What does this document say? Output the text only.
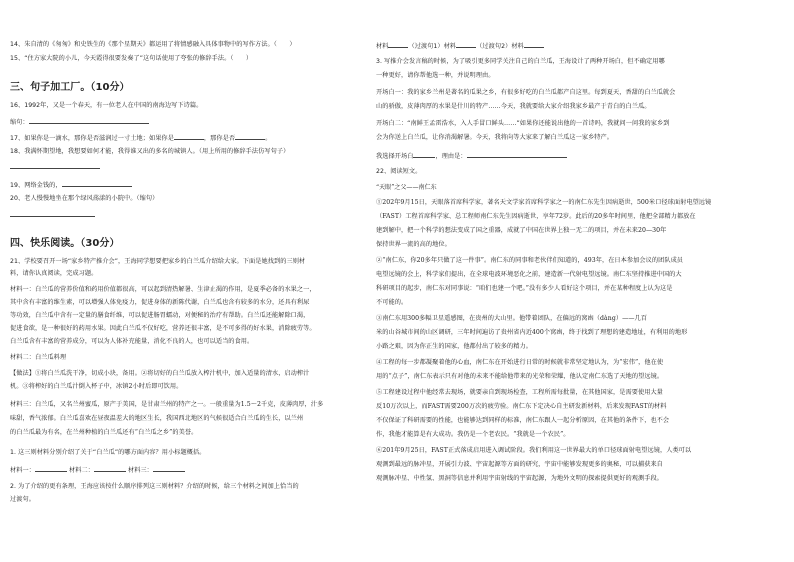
14、朱自清的《匆匆》和史铁生的《那个星期天》都运用了将情感融入具体事物中的写作方法。（　　）
15、“住方家大院的小儿，今天霞得很要发奏了”这句话使用了夸张的修辞手法。（　　）
三、句子加工厂。（10分）
16、1992年，又是一个春天，有一位老人在中国的南海边写下诗篇。
缩句：
17、如果你是一滴水，那你是否滋润过一寸土地；如果你是	，那你是否	。
18、我满怀期望地，我想要如何才能，我得谁又出的多名的城镇人。（用上所用的修辞手法仿写句子）
19、网络金钱的，
20、老人慢慢地坐在那个绿风荡漾的小院中。（缩句）
四、快乐阅读。（30分）
21、学校要召开一场“家乡特产推介会”，王海同学想要把家乡的白兰瓜介绍给大家。下面是她找到的三则材
料，请你认真阅读，完成习题。
材料一：白兰瓜的营养价值和药用价值都很高，可以起到清热解暑、生津止渴的作用，是夏季必备的水果之一，
其中含有丰富的维生素，可以增强人体免疫力，促进身体的新陈代谢，白兰瓜也含有较多的水分，还具有利尿
等功效，白兰瓜中含有一定量的膳食纤维，可以促进肠胃蠕动，对便秘的治疗有帮助。白兰瓜还能解除口渴，
促进食欲，是一种很好的药用水果。因此白兰瓜不仅好吃，营养还很丰富，是不可多得的好水果，消除疲劳等。
白兰瓜含有丰富的营养成分，可以为人体补充能量，消化不良的人，也可以适当的食用。
材料二：白兰瓜料理
【做法】①将白兰瓜洗干净，切成小块，备用。②将切好的白兰瓜放入榨汁机中，加入适量的清水，启动榨汁
机。③将榨好的白兰瓜汁倒入杯子中，冰镇2小时后即可饮用。
材料三：白兰瓜，又名兰州蜜瓜，原产于美国，是甘肃兰州的特产之一。一般重量为1.5～2千克，皮薄肉厚，汁多
味甜，香气浓郁。白兰瓜喜欢在昼夜温差大的地区生长，我国西北地区的气候很适合白兰瓜的生长，以兰州
的白兰瓜最为有名，在兰州种植的白兰瓜还有“白兰瓜之乡”的美誉。
1. 这三则材料分别介绍了关于“白兰瓜”的哪方面内容？用小标题概括。
材料一：	材料二：	材料三：
2. 为了介绍的更有条理，王海应该按什么顺序排列这三则材料？介绍的时候，给三个材料之间加上恰当的
过渡句。
材料	（过渡句1）材料	（过渡句2）材料
3. 写推介会发言稿的时候，为了吸引更多同学关注自己的白兰瓜，王海设计了两种开场白，但不确定用哪
一种更好，请你帮他选一种，并说明理由。
开场白一：我的家乡兰州是著名的瓜果之乡，有很多好吃的白兰瓜都产自这里。每到夏天，香甜的白兰瓜就会
山的骄傲，皮薄肉厚的水果是什川的特产……今天，我就要给大家介绍我家乡最产于青白的白兰瓜。
开场白二：“南鲜王孟雷浩水，入人手冒口鲜头……”如果你还能说出他的一首诗吗，我就问一问我的家乡到
会为你送上白兰瓜，让你消渴解暑。今天，我将向等大家来了解白兰瓜这一家乡特产。
我选择开场白	，理由是：
22、阅读短文。
“天眼”之父——南仁东
①202年9月15日，天眼落首席科学家，著名天文学家首席科学家之一的南仁东先生因病逝世，500米口径球面射电望远镜
（FAST）工程首席科学家、总工程师南仁东先生因病逝世，享年72岁。此后的20多年时间里，他把全部精力都放在
建到解中，把一个科学的想法变成了国之重器，成就了中国在世界上独一无二的项目，并在未来20—30年
保持世界一流的高的地位。
②“南仁东，你20多年只做了这一件事”。南仁东的同事和老伙伴们知道的，493年，在日本参加会议的团队成员
电望远镜的会上，科学家们提出，在全球电波环境恶化之前，建造新一代射电望远镜。南仁东坚持推进中国的大
科研项目的起步，南仁东对同事说：“咱们也建一个吧。”没有多少人看好这个项目，并在某种程度上认为这是
不可能的。
③南仁东用300多幅卫星遥感图，在贵州的大山里。他带着团队，在偏远的窝凼（dàng）——几百
米的山谷城市间的山区调研，三年时间遍访了贵州省内近400个窝凼，终于找到了理想的建造地址，有利用的地形
小路之艰，因为你正生的国家，他都付出了较多的精力。
④工程的每一步都凝聚着他的心血，南仁东在开始进行日常的时候就非常坚定地认为，为“宏伟”，他在使
用的“点子”，南仁东表示只有对他的未来不能给他带来的光荣和荣耀，他认定南仁东选了天地的望远镜。
⑤工程建设过程中他经常去现场，就要亲自到现场检查，工程所需每批量，在其他国家，是需要使用大量
反10万次以上，而FAST需要200万次的疲劳验。南仁东下定决心自主研发新材料，后来发现FAST的材料
不仅保证了科研需要的性能，也能够达到同样的标准，南仁东跟人一起分析原因，在其他的条件下，也不会
作，我他才能算是有大成功。我仍是一个老农民。“我就是一个农民”。
⑥201年9月25日，FAST正式落成启用进入调试阶段。我们利用这一世界最大的单口径球面射电望远镜，人类可以
观测到最远的脉冲星，开展引力波、宇宙起源等方面的研究，宇宙中能够发现更多的奥秘，可以捕获来自
观测脉冲星、中性氢、黑洞等信息并利用宇宙射线的宇宙起源，为地外文明的探索提供更好的观测手段。
